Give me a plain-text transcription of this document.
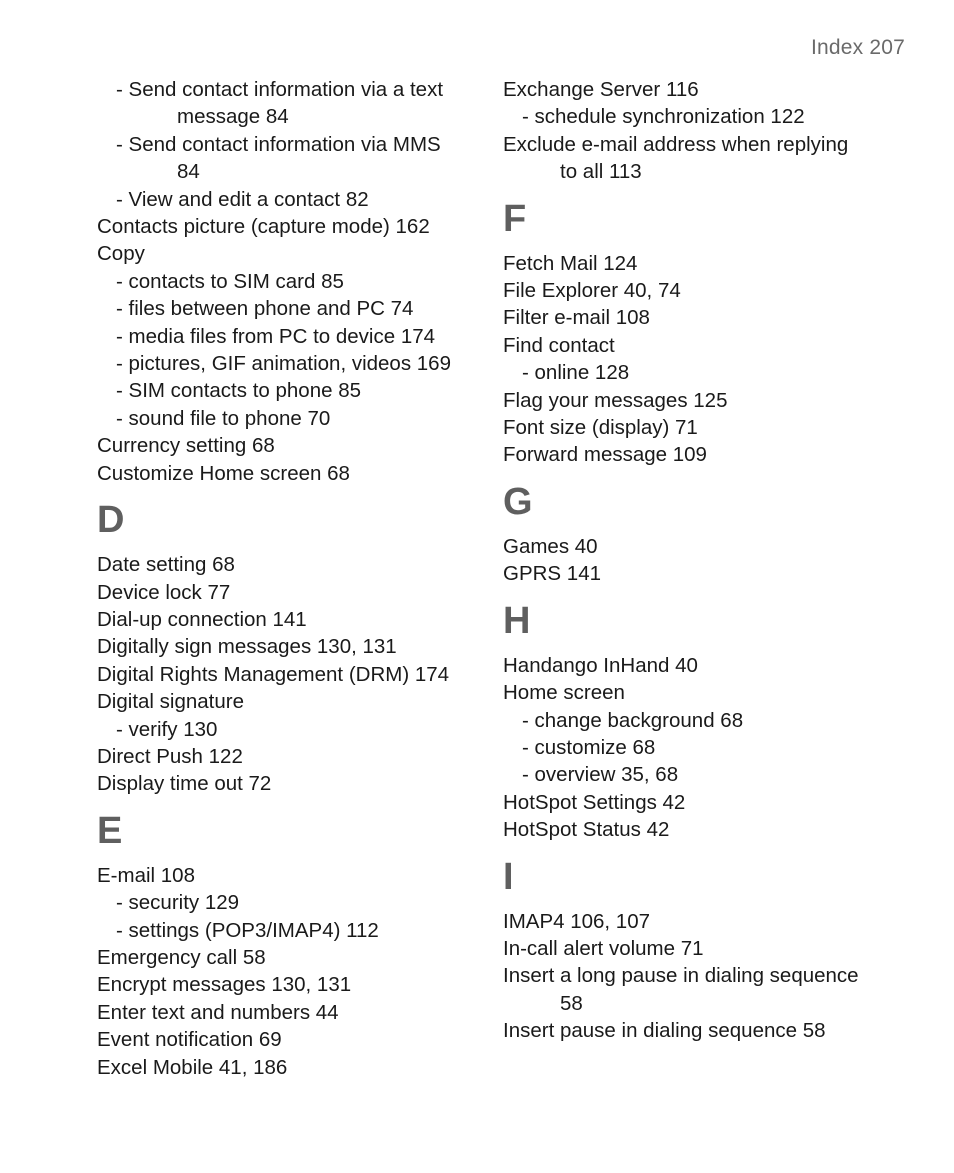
Index 207
- Send contact information via a text
message 84
- Send contact information via MMS
84
- View and edit a contact 82
Contacts picture (capture mode) 162
Copy
- contacts to SIM card 85
- files between phone and PC 74
- media files from PC to device 174
- pictures, GIF animation, videos 169
- SIM contacts to phone 85
- sound file to phone 70
Currency setting 68
Customize Home screen 68
D
Date setting 68
Device lock 77
Dial-up connection 141
Digitally sign messages 130, 131
Digital Rights Management (DRM) 174
Digital signature
- verify 130
Direct Push 122
Display time out 72
E
E-mail 108
- security 129
- settings (POP3/IMAP4) 112
Emergency call 58
Encrypt messages 130, 131
Enter text and numbers 44
Event notification 69
Excel Mobile 41, 186
Exchange Server 116
- schedule synchronization 122
Exclude e-mail address when replying
to all 113
F
Fetch Mail 124
File Explorer 40, 74
Filter e-mail 108
Find contact
- online 128
Flag your messages 125
Font size (display) 71
Forward message 109
G
Games 40
GPRS 141
H
Handango InHand 40
Home screen
- change background 68
- customize 68
- overview 35, 68
HotSpot Settings 42
HotSpot Status 42
I
IMAP4 106, 107
In-call alert volume 71
Insert a long pause in dialing sequence
58
Insert pause in dialing sequence 58
